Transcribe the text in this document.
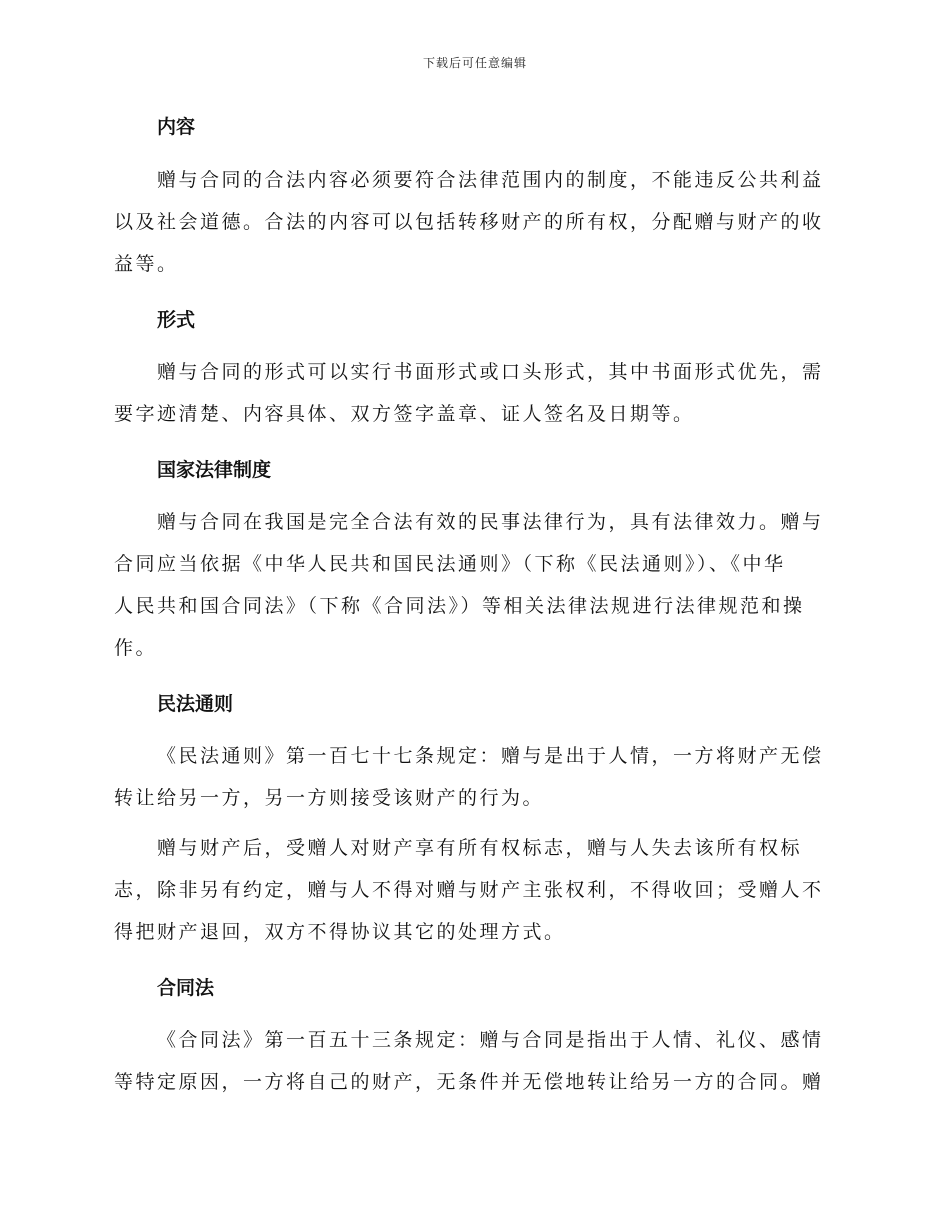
下载后可任意编辑
内容

赠与合同的合法内容必须要符合法律范围内的制度，不能违反公共利益
以及社会道德。合法的内容可以包括转移财产的所有权，分配赠与财产的收
益等。

形式

赠与合同的形式可以实行书面形式或口头形式，其中书面形式优先，需
要字迹清楚、内容具体、双方签字盖章、证人签名及日期等。

国家法律制度

赠与合同在我国是完全合法有效的民事法律行为，具有法律效力。赠与
合同应当依据《中华人民共和国民法通则》（下称《民法通则》）、《中华
人民共和国合同法》（下称《合同法》）等相关法律法规进行法律规范和操
作。

民法通则

《民法通则》第一百七十七条规定：赠与是出于人情，一方将财产无偿
转让给另一方，另一方则接受该财产的行为。

赠与财产后，受赠人对财产享有所有权标志，赠与人失去该所有权标
志，除非另有约定，赠与人不得对赠与财产主张权利，不得收回；受赠人不
得把财产退回，双方不得协议其它的处理方式。

合同法

《合同法》第一百五十三条规定：赠与合同是指出于人情、礼仪、感情
等特定原因，一方将自己的财产，无条件并无偿地转让给另一方的合同。赠
